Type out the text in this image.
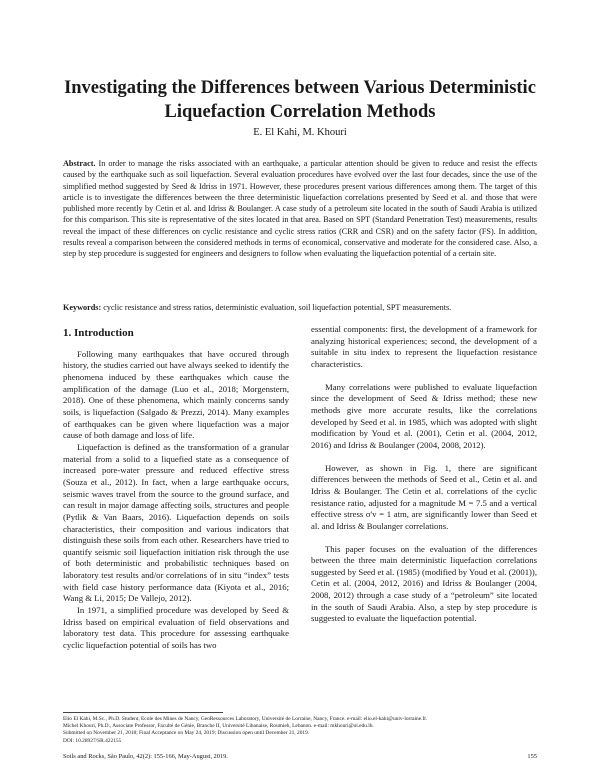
Investigating the Differences between Various Deterministic Liquefaction Correlation Methods

E. El Kahi, M. Khouri

Abstract. In order to manage the risks associated with an earthquake, a particular attention should be given to reduce and resist the effects caused by the earthquake such as soil liquefaction. Several evaluation procedures have evolved over the last four decades, since the use of the simplified method suggested by Seed & Idriss in 1971. However, these procedures present various differences among them. The target of this article is to investigate the differences between the three deterministic liquefaction correlations presented by Seed et al. and those that were published more recently by Cetin et al. and Idriss & Boulanger. A case study of a petroleum site located in the south of Saudi Arabia is utilized for this comparison. This site is representative of the sites located in that area. Based on SPT (Standard Penetration Test) measurements, results reveal the impact of these differences on cyclic resistance and cyclic stress ratios (CRR and CSR) and on the safety factor (FS). In addition, results reveal a comparison between the considered methods in terms of economical, conservative and moderate for the considered case. Also, a step by step procedure is suggested for engineers and designers to follow when evaluating the liquefaction potential of a certain site.

Keywords: cyclic resistance and stress ratios, deterministic evaluation, soil liquefaction potential, SPT measurements.

1. Introduction

Following many earthquakes that have occured through history, the studies carried out have always seeked to identify the phenomena induced by these earthquakes which cause the amplification of the damage (Luo et al., 2018; Morgenstern, 2018). One of these phenomena, which mainly concerns sandy soils, is liquefaction (Salgado & Prezzi, 2014). Many examples of earthquakes can be given where liquefaction was a major cause of both damage and loss of life.

Liquefaction is defined as the transformation of a granular material from a solid to a liquefied state as a consequence of increased pore-water pressure and reduced effective stress (Souza et al., 2012). In fact, when a large earthquake occurs, seismic waves travel from the source to the ground surface, and can result in major damage affecting soils, structures and people (Pytlik & Van Baars, 2016). Liquefaction depends on soils characteristics, their composition and various indicators that distinguish these soils from each other. Researchers have tried to quantify seismic soil liquefaction initiation risk through the use of both deterministic and probabilistic techniques based on laboratory test results and/or correlations of in situ “index” tests with field case history performance data (Kiyota et al., 2016; Wang & Li, 2015; De Vallejo, 2012).

In 1971, a simplified procedure was developed by Seed & Idriss based on empirical evaluation of field observations and laboratory test data. This procedure for assessing earthquake cyclic liquefaction potential of soils has two

essential components: first, the development of a framework for analyzing historical experiences; second, the development of a suitable in situ index to represent the liquefaction resistance characteristics.

Many correlations were published to evaluate liquefaction since the development of Seed & Idriss method; these new methods give more accurate results, like the correlations developed by Seed et al. in 1985, which was adopted with slight modification by Youd et al. (2001), Cetin et al. (2004, 2012, 2016) and Idriss & Boulanger (2004, 2008, 2012).

However, as shown in Fig. 1, there are significant differences between the methods of Seed et al., Cetin et al. and Idriss & Boulanger. The Cetin et al. correlations of the cyclic resistance ratio, adjusted for a magnitude M = 7.5 and a vertical effective stress σ'v = 1 atm, are significantly lower than Seed et al. and Idriss & Boulanger correlations.

This paper focuses on the evaluation of the differences between the three main deterministic liquefaction correlations suggested by Seed et al. (1985) (modified by Youd et al. (2001)), Cetin et al. (2004, 2012, 2016) and Idriss & Boulanger (2004, 2008, 2012) through a case study of a “petroleum” site located in the south of Saudi Arabia. Also, a step by step procedure is suggested to evaluate the liquefaction potential.

Elio El Kahi, M.Sc., Ph.D. Student, Ecole des Mines de Nancy, GeoRessources Laboratory, Université de Lorraine, Nancy, France. e-mail: elio.el-kahi@univ-lorraine.fr.
Michel Khouri, Ph.D., Associate Professor, Faculté de Génie, Branche II, Université Libanaise, Roumieh, Lebanon. e-mail: mkhouri@ul.edu.lb.
Submitted on November 21, 2018; Final Acceptance on May 24, 2019; Discussion open until December 31, 2019.
DOI: 10.28927/SR.422155
Soils and Rocks, São Paulo, 42(2): 155-166, May-August, 2019.	155
